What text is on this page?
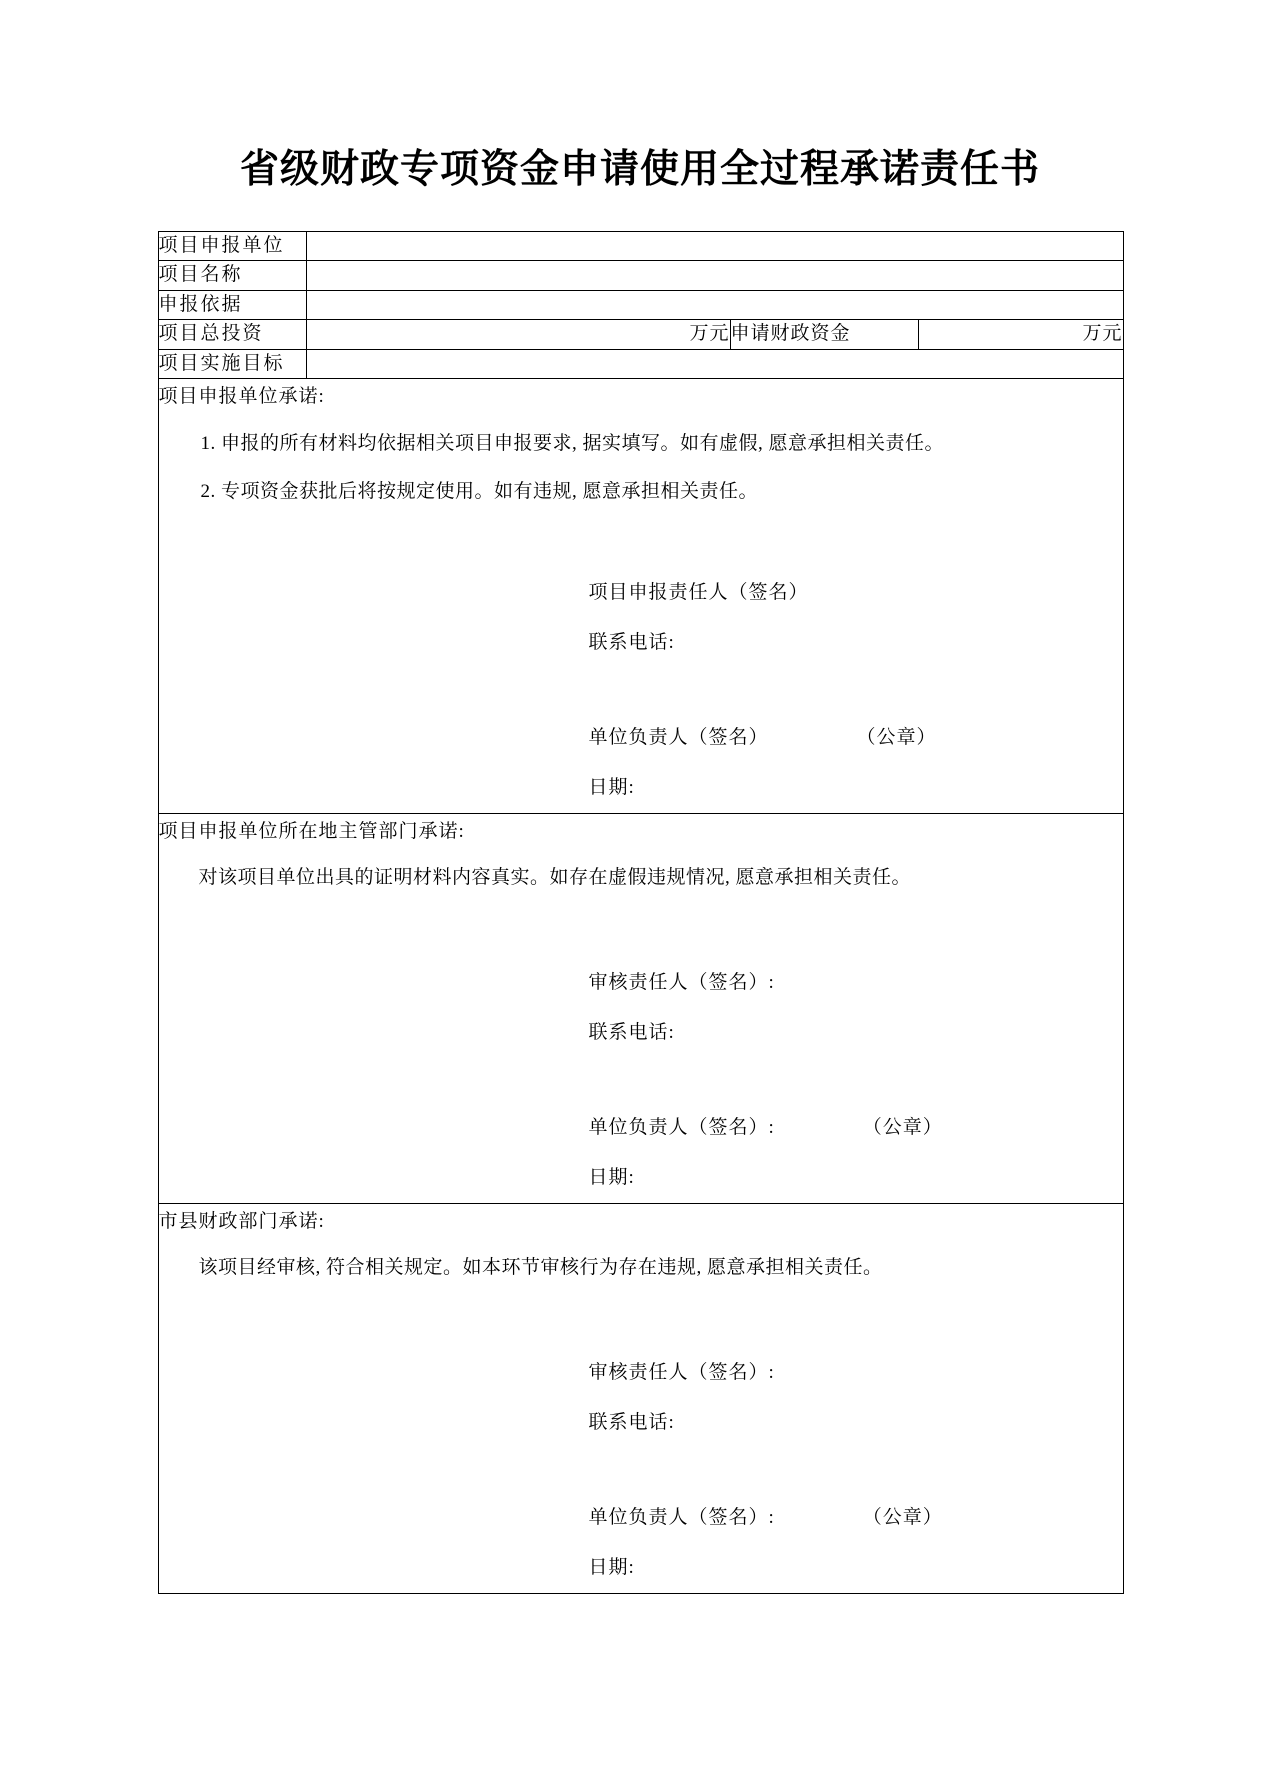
省级财政专项资金申请使用全过程承诺责任书
项目申报单位			
项目名称			
申报依据			
项目总投资	万元	申请财政资金	万元
项目实施目标			

项目申报单位承诺:
1. 申报的所有材料均依据相关项目申报要求, 据实填写。如有虚假, 愿意承担相关责任。
2. 专项资金获批后将按规定使用。如有违规, 愿意承担相关责任。
项目申报责任人（签名）
联系电话:
单位负责人（签名）	（公章）
日期:

项目申报单位所在地主管部门承诺:
对该项目单位出具的证明材料内容真实。如存在虚假违规情况, 愿意承担相关责任。
审核责任人（签名）:
联系电话:
单位负责人（签名）:	（公章）
日期:

市县财政部门承诺:
该项目经审核, 符合相关规定。如本环节审核行为存在违规, 愿意承担相关责任。
审核责任人（签名）:
联系电话:
单位负责人（签名）:	（公章）
日期:
